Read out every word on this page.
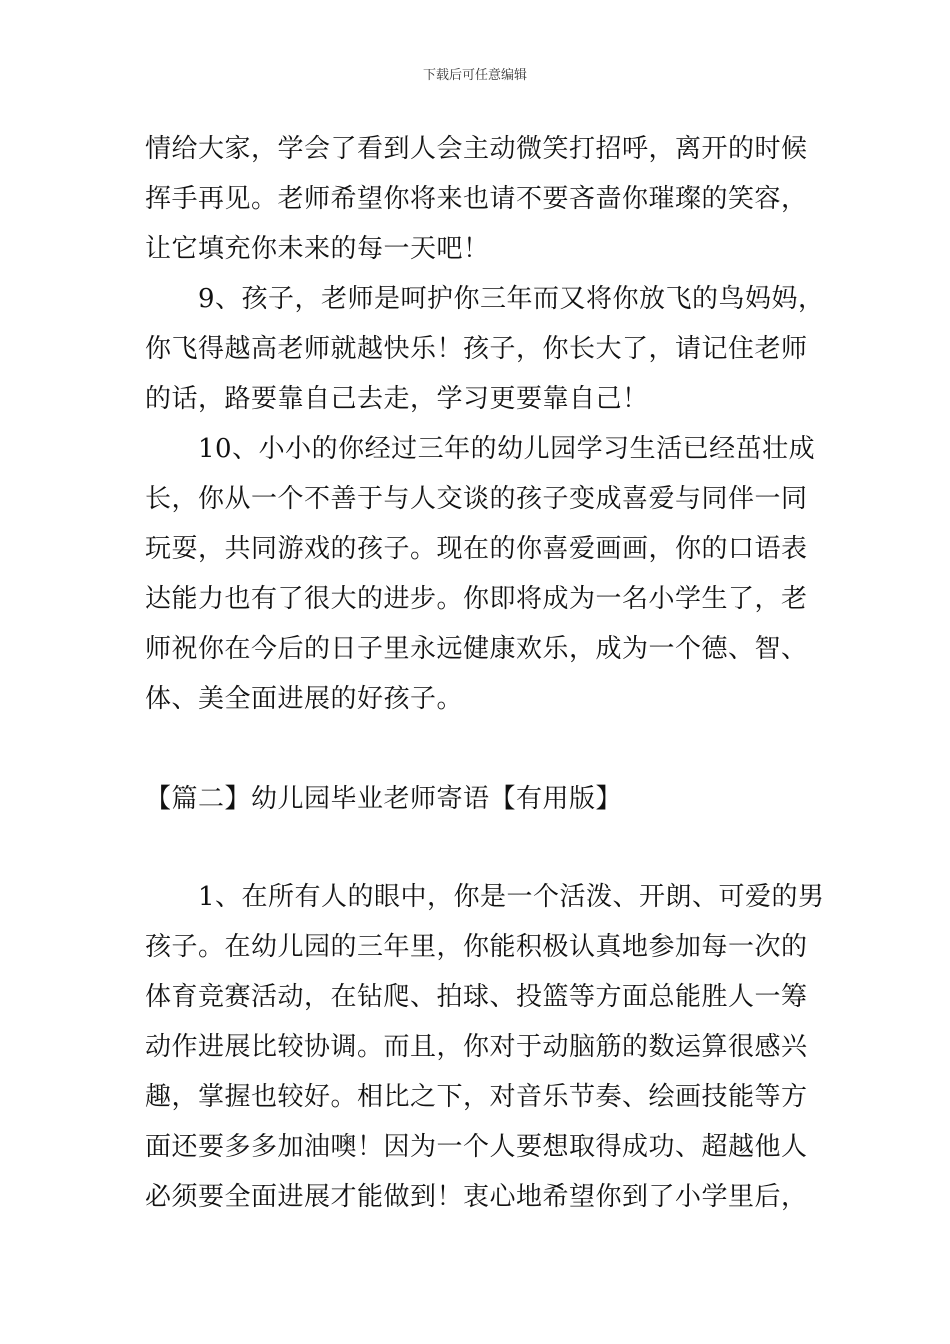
下载后可任意编辑
情给大家，学会了看到人会主动微笑打招呼，离开的时候
挥手再见。老师希望你将来也请不要吝啬你璀璨的笑容，
让它填充你未来的每一天吧！
9、孩子，老师是呵护你三年而又将你放飞的鸟妈妈，
你飞得越高老师就越快乐！孩子，你长大了，请记住老师
的话，路要靠自己去走，学习更要靠自己！
10、小小的你经过三年的幼儿园学习生活已经茁壮成
长，你从一个不善于与人交谈的孩子变成喜爱与同伴一同
玩耍，共同游戏的孩子。现在的你喜爱画画，你的口语表
达能力也有了很大的进步。你即将成为一名小学生了，老
师祝你在今后的日子里永远健康欢乐，成为一个德、智、
体、美全面进展的好孩子。
【篇二】幼儿园毕业老师寄语【有用版】
1、在所有人的眼中，你是一个活泼、开朗、可爱的男
孩子。在幼儿园的三年里，你能积极认真地参加每一次的
体育竞赛活动，在钻爬、拍球、投篮等方面总能胜人一筹
动作进展比较协调。而且，你对于动脑筋的数运算很感兴
趣，掌握也较好。相比之下，对音乐节奏、绘画技能等方
面还要多多加油噢！因为一个人要想取得成功、超越他人
必须要全面进展才能做到！衷心地希望你到了小学里后，
